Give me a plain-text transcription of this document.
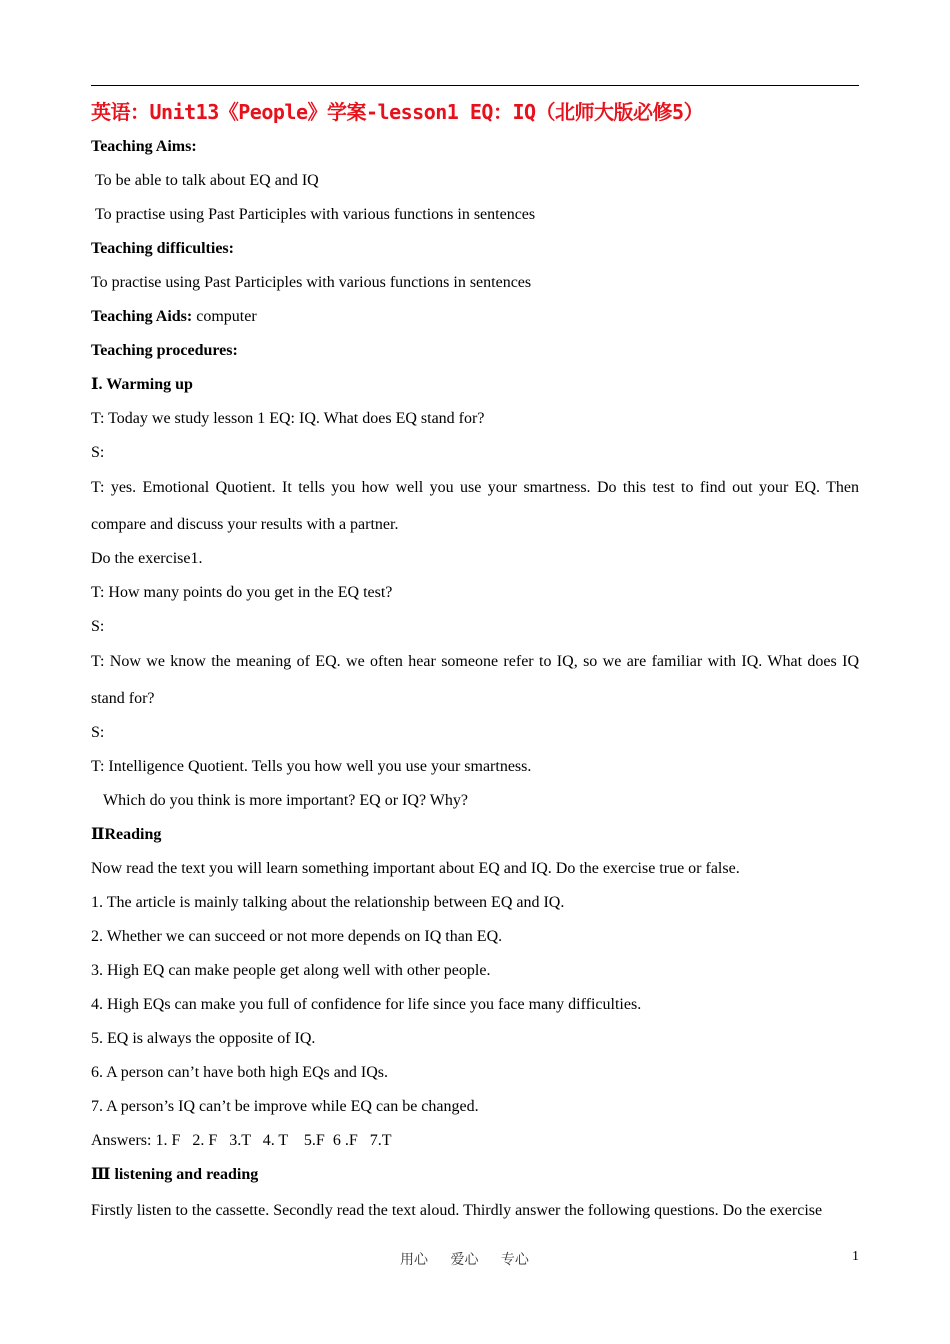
英语：Unit13《People》学案-lesson1 EQ：IQ（北师大版必修5）
Teaching Aims:
To be able to talk about EQ and IQ
To practise using Past Participles with various functions in sentences
Teaching difficulties:
To practise using Past Participles with various functions in sentences
Teaching Aids: computer
Teaching procedures:
Ⅰ. Warming up
T: Today we study lesson 1 EQ: IQ. What does EQ stand for?
S:
T: yes. Emotional Quotient. It tells you how well you use your smartness. Do this test to find out your EQ. Then compare and discuss your results with a partner.
Do the exercise1.
T: How many points do you get in the EQ test?
S:
T: Now we know the meaning of EQ. we often hear someone refer to IQ, so we are familiar with IQ. What does IQ stand for?
S:
T: Intelligence Quotient. Tells you how well you use your smartness.
Which do you think is more important? EQ or IQ? Why?
ⅡReading
Now read the text you will learn something important about EQ and IQ. Do the exercise true or false.
1. The article is mainly talking about the relationship between EQ and IQ.
2. Whether we can succeed or not more depends on IQ than EQ.
3. High EQ can make people get along well with other people.
4. High EQs can make you full of confidence for life since you face many difficulties.
5. EQ is always the opposite of IQ.
6. A person can’t have both high EQs and IQs.
7. A person’s IQ can’t be improve while EQ can be changed.
Answers: 1. F   2. F   3.T   4. T    5.F  6 .F   7.T
Ⅲ listening and reading
Firstly listen to the cassette. Secondly read the text aloud. Thirdly answer the following questions. Do the exercise
用心 爱心 专心	1
